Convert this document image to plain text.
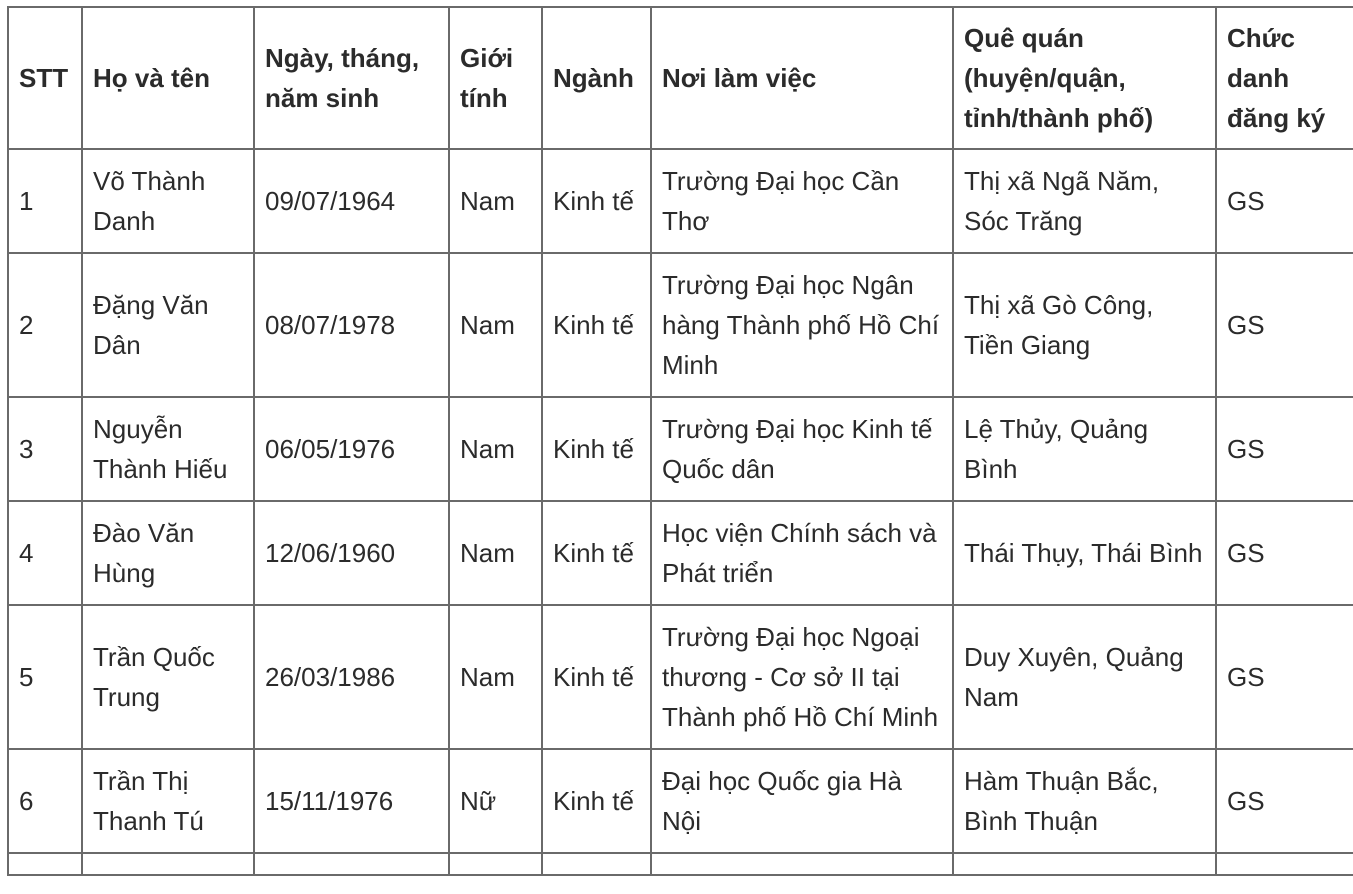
STT	Họ và tên	Ngày, tháng, năm sinh	Giới tính	Ngành	Nơi làm việc	Quê quán (huyện/quận, tỉnh/thành phố)	Chức danh đăng ký
1	Võ Thành Danh	09/07/1964	Nam	Kinh tế	Trường Đại học Cần Thơ	Thị xã Ngã Năm, Sóc Trăng	GS
2	Đặng Văn Dân	08/07/1978	Nam	Kinh tế	Trường Đại học Ngân hàng Thành phố Hồ Chí Minh	Thị xã Gò Công, Tiền Giang	GS
3	Nguyễn Thành Hiếu	06/05/1976	Nam	Kinh tế	Trường Đại học Kinh tế Quốc dân	Lệ Thủy, Quảng Bình	GS
4	Đào Văn Hùng	12/06/1960	Nam	Kinh tế	Học viện Chính sách và Phát triển	Thái Thụy, Thái Bình	GS
5	Trần Quốc Trung	26/03/1986	Nam	Kinh tế	Trường Đại học Ngoại thương - Cơ sở II tại Thành phố Hồ Chí Minh	Duy Xuyên, Quảng Nam	GS
6	Trần Thị Thanh Tú	15/11/1976	Nữ	Kinh tế	Đại học Quốc gia Hà Nội	Hàm Thuận Bắc, Bình Thuận	GS
